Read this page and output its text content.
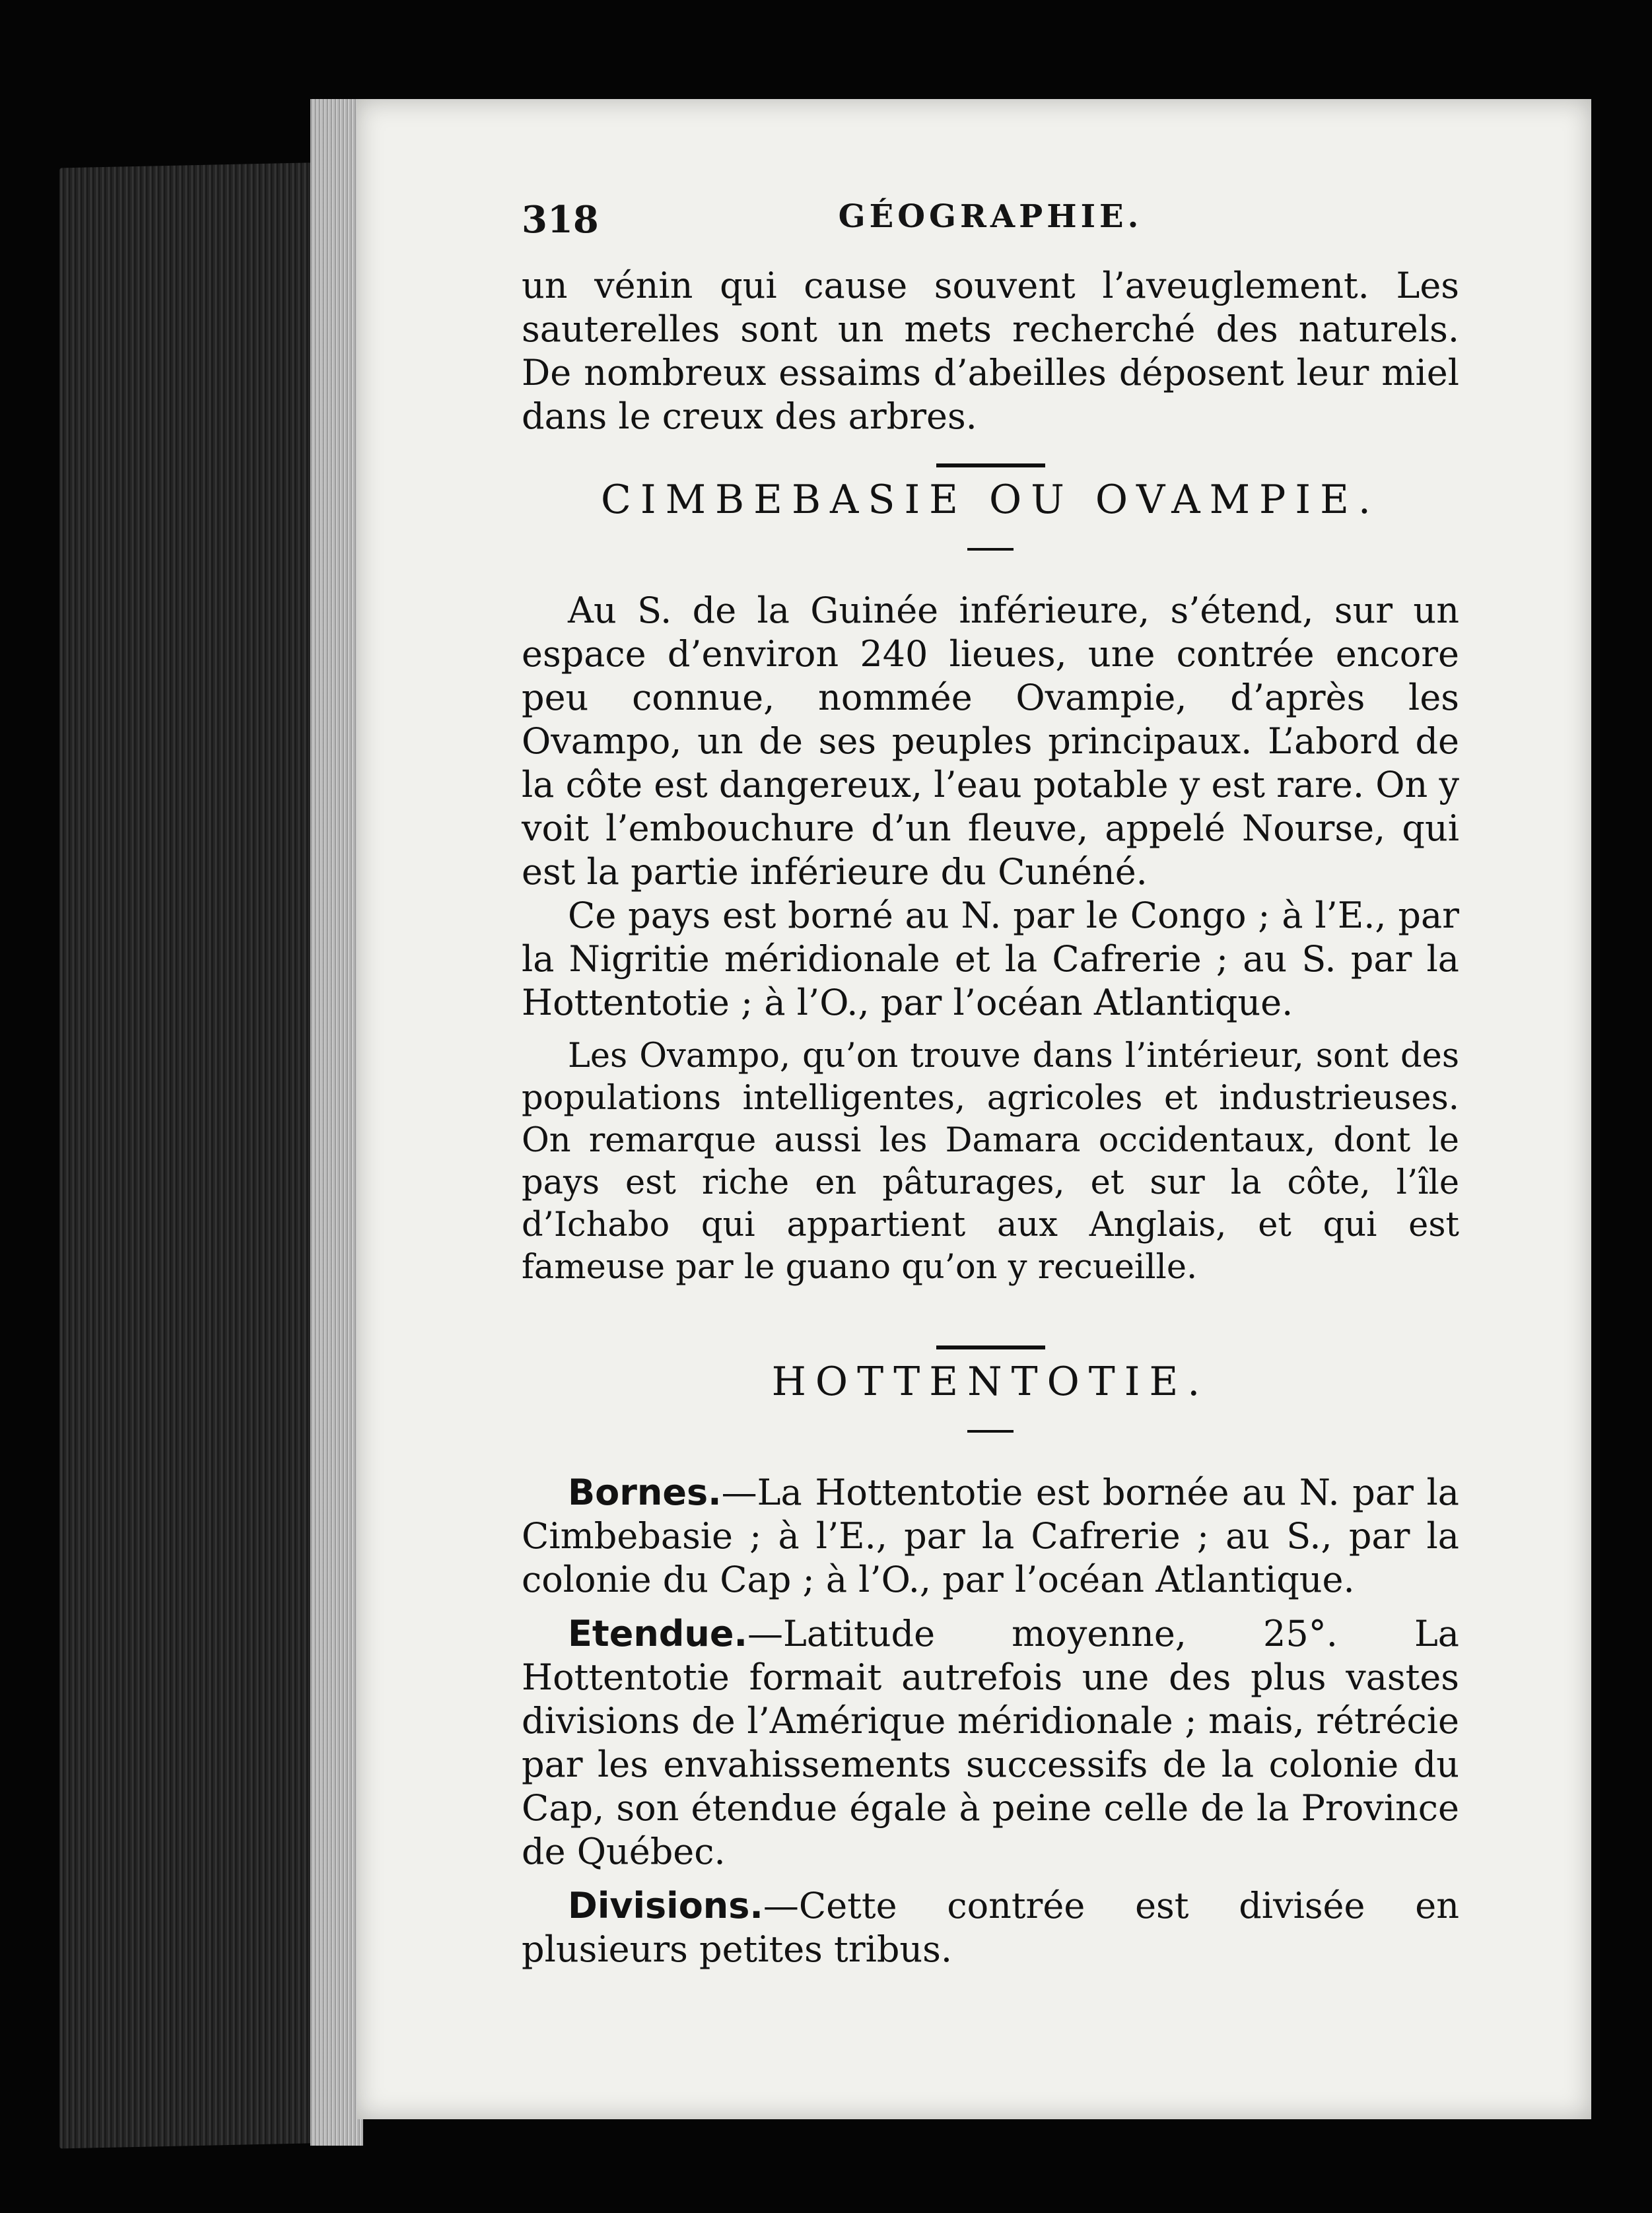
318	GÉOGRAPHIE.

un vénin qui cause souvent l’aveuglement. Les sauterelles sont un mets recherché des naturels. De nombreux essaims d’abeilles déposent leur miel dans le creux des arbres.

CIMBEBASIE OU OVAMPIE.

Au S. de la Guinée inférieure, s’étend, sur un espace d’environ 240 lieues, une contrée encore peu connue, nommée Ovampie, d’après les Ovampo, un de ses peuples principaux. L’abord de la côte est dangereux, l’eau potable y est rare. On y voit l’embouchure d’un fleuve, appelé Nourse, qui est la partie inférieure du Cunéné.

Ce pays est borné au N. par le Congo ; à l’E., par la Nigritie méridionale et la Cafrerie ; au S. par la Hottentotie ; à l’O., par l’océan Atlantique.

Les Ovampo, qu’on trouve dans l’intérieur, sont des populations intelligentes, agricoles et industrieuses. On remarque aussi les Damara occidentaux, dont le pays est riche en pâturages, et sur la côte, l’île d’Ichabo qui appartient aux Anglais, et qui est fameuse par le guano qu’on y recueille.

HOTTENTOTIE.

Bornes.—La Hottentotie est bornée au N. par la Cimbebasie ; à l’E., par la Cafrerie ; au S., par la colonie du Cap ; à l’O., par l’océan Atlantique.

Etendue.—Latitude moyenne, 25°. La Hottentotie formait autrefois une des plus vastes divisions de l’Amérique méridionale ; mais, rétrécie par les envahissements successifs de la colonie du Cap, son étendue égale à peine celle de la Province de Québec.

Divisions.—Cette contrée est divisée en plusieurs petites tribus.
